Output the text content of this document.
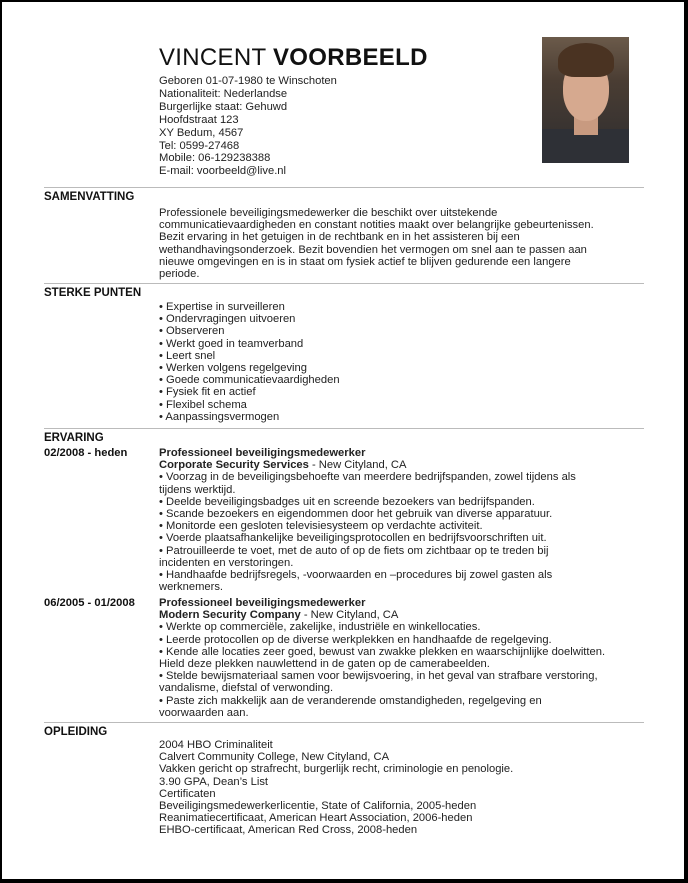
VINCENT VOORBEELD
Geboren 01-07-1980 te Winschoten
Nationaliteit: Nederlandse
Burgerlijke staat: Gehuwd
Hoofdstraat 123
XY Bedum, 4567
Tel: 0599-27468
Mobile: 06-129238388
E-mail: voorbeeld@live.nl
SAMENVATTING
Professionele beveiligingsmedewerker die beschikt over uitstekende
communicatievaardigheden en constant notities maakt over belangrijke gebeurtenissen.
Bezit ervaring in het getuigen in de rechtbank en in het assisteren bij een
wethandhavingsonderzoek. Bezit bovendien het vermogen om snel aan te passen aan
nieuwe omgevingen en is in staat om fysiek actief te blijven gedurende een langere
periode.
STERKE PUNTEN
• Expertise in surveilleren
• Ondervragingen uitvoeren
• Observeren
• Werkt goed in teamverband
• Leert snel
• Werken volgens regelgeving
• Goede communicatievaardigheden
• Fysiek fit en actief
• Flexibel schema
• Aanpassingsvermogen
ERVARING
02/2008 - heden	Professioneel beveiligingsmedewerker
Corporate Security Services - New Cityland, CA
• Voorzag in de beveiligingsbehoefte van meerdere bedrijfspanden, zowel tijdens als
tijdens werktijd.
• Deelde beveiligingsbadges uit en screende bezoekers van bedrijfspanden.
• Scande bezoekers en eigendommen door het gebruik van diverse apparatuur.
• Monitorde een gesloten televisiesysteem op verdachte activiteit.
• Voerde plaatsafhankelijke beveiligingsprotocollen en bedrijfsvoorschriften uit.
• Patrouilleerde te voet, met de auto of op de fiets om zichtbaar op te treden bij
incidenten en verstoringen.
• Handhaafde bedrijfsregels, -voorwaarden en –procedures bij zowel gasten als
werknemers.
06/2005 - 01/2008 Professioneel beveiligingsmedewerker
Modern Security Company - New Cityland, CA
• Werkte op commerciële, zakelijke, industriële en winkellocaties.
• Leerde protocollen op de diverse werkplekken en handhaafde de regelgeving.
• Kende alle locaties zeer goed, bewust van zwakke plekken en waarschijnlijke doelwitten.
Hield deze plekken nauwlettend in de gaten op de camerabeelden.
• Stelde bewijsmateriaal samen voor bewijsvoering, in het geval van strafbare verstoring,
vandalisme, diefstal of verwonding.
• Paste zich makkelijk aan de veranderende omstandigheden, regelgeving en
voorwaarden aan.
OPLEIDING
2004 HBO Criminaliteit
Calvert Community College, New Cityland, CA
Vakken gericht op strafrecht, burgerlijk recht, criminologie en penologie.
3.90 GPA, Dean’s List
Certificaten
Beveiligingsmedewerkerlicentie, State of California, 2005-heden
Reanimatiecertificaat, American Heart Association, 2006-heden
EHBO-certificaat, American Red Cross, 2008-heden
